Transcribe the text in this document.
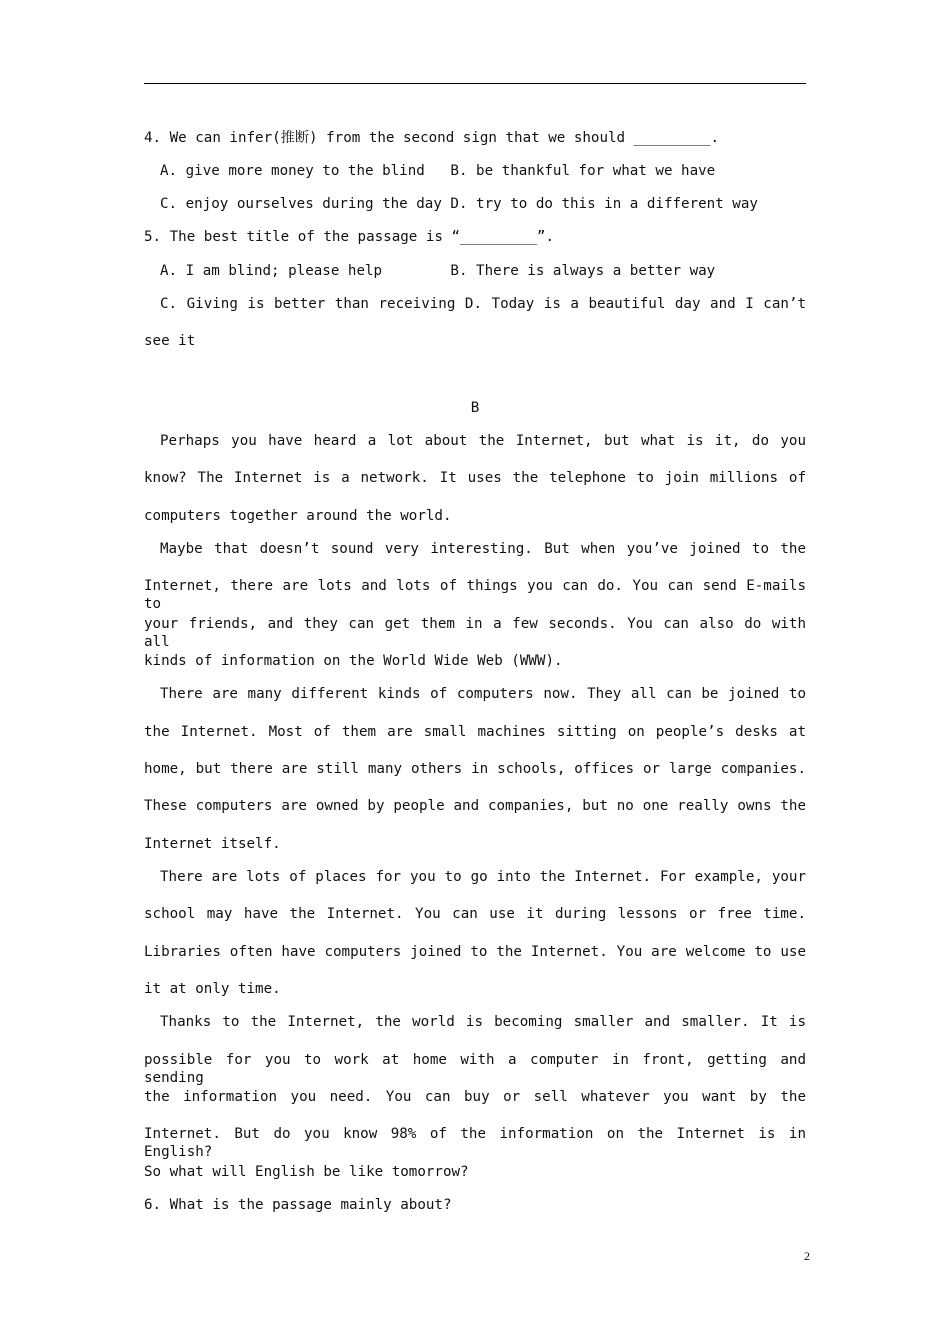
4. We can infer(推断) from the second sign that we should _________.
A. give more money to the blind   B. be thankful for what we have
C. enjoy ourselves during the day D. try to do this in a different way
5. The best title of the passage is “_________”.
A. I am blind; please help        B. There is always a better way
C. Giving is better than receiving D. Today is a beautiful day and I can’t
see it
B
Perhaps you have heard a lot about the Internet, but what is it, do you
know? The Internet is a network. It uses the telephone to join millions of
computers together around the world.
Maybe that doesn’t sound very interesting. But when you’ve joined to the
Internet, there are lots and lots of things you can do. You can send E-mails to
your friends, and they can get them in a few seconds. You can also do with all
kinds of information on the World Wide Web (WWW).
There are many different kinds of computers now. They all can be joined to
the Internet. Most of them are small machines sitting on people’s desks at
home, but there are still many others in schools, offices or large companies.
These computers are owned by people and companies, but no one really owns the
Internet itself.
There are lots of places for you to go into the Internet. For example, your
school may have the Internet. You can use it during lessons or free time.
Libraries often have computers joined to the Internet. You are welcome to use
it at only time.
Thanks to the Internet, the world is becoming smaller and smaller. It is
possible for you to work at home with a computer in front, getting and sending
the information you need. You can buy or sell whatever you want by the
Internet. But do you know 98% of the information on the Internet is in English?
So what will English be like tomorrow?
6. What is the passage mainly about?
2
